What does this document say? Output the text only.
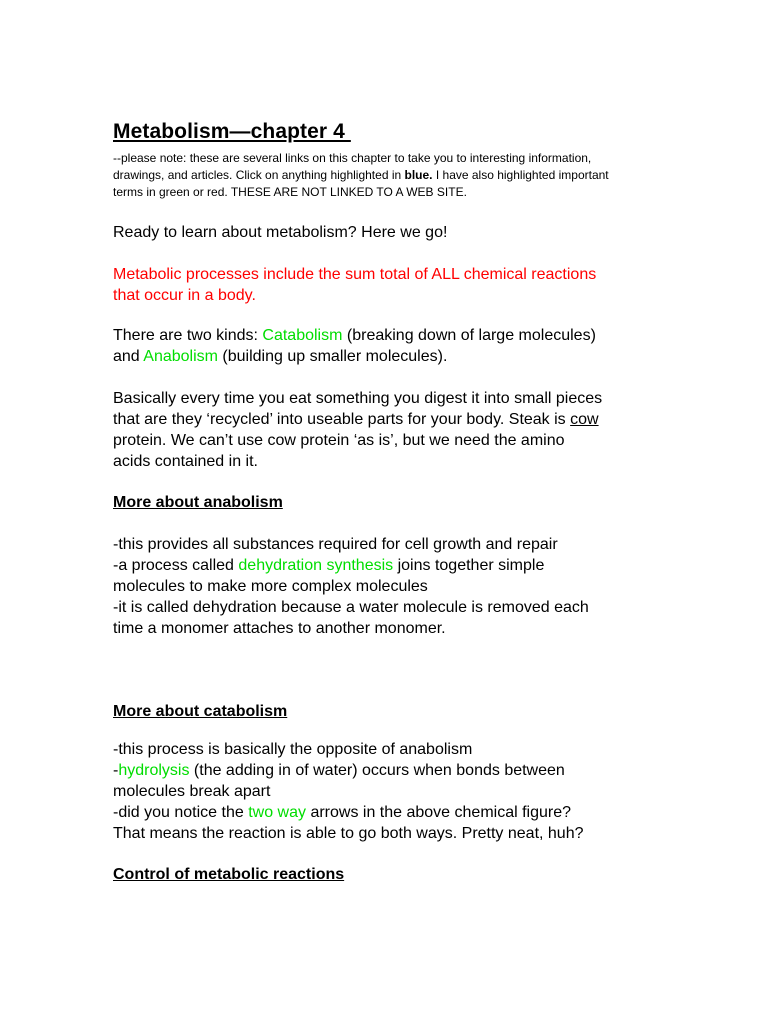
Metabolism—chapter 4
--please note: these are several links on this chapter to take you to interesting information,
drawings, and articles. Click on anything highlighted in blue. I have also highlighted important
terms in green or red. THESE ARE NOT LINKED TO A WEB SITE.
Ready to learn about metabolism? Here we go!
Metabolic processes include the sum total of ALL chemical reactions
that occur in a body.
There are two kinds: Catabolism (breaking down of large molecules)
and Anabolism (building up smaller molecules).
Basically every time you eat something you digest it into small pieces
that are they ‘recycled’ into useable parts for your body. Steak is cow
protein. We can’t use cow protein ‘as is’, but we need the amino
acids contained in it.
More about anabolism
-this provides all substances required for cell growth and repair
-a process called dehydration synthesis joins together simple
molecules to make more complex molecules
-it is called dehydration because a water molecule is removed each
time a monomer attaches to another monomer.
More about catabolism
-this process is basically the opposite of anabolism
-hydrolysis (the adding in of water) occurs when bonds between
molecules break apart
-did you notice the two way arrows in the above chemical figure?
That means the reaction is able to go both ways. Pretty neat, huh?
Control of metabolic reactions
